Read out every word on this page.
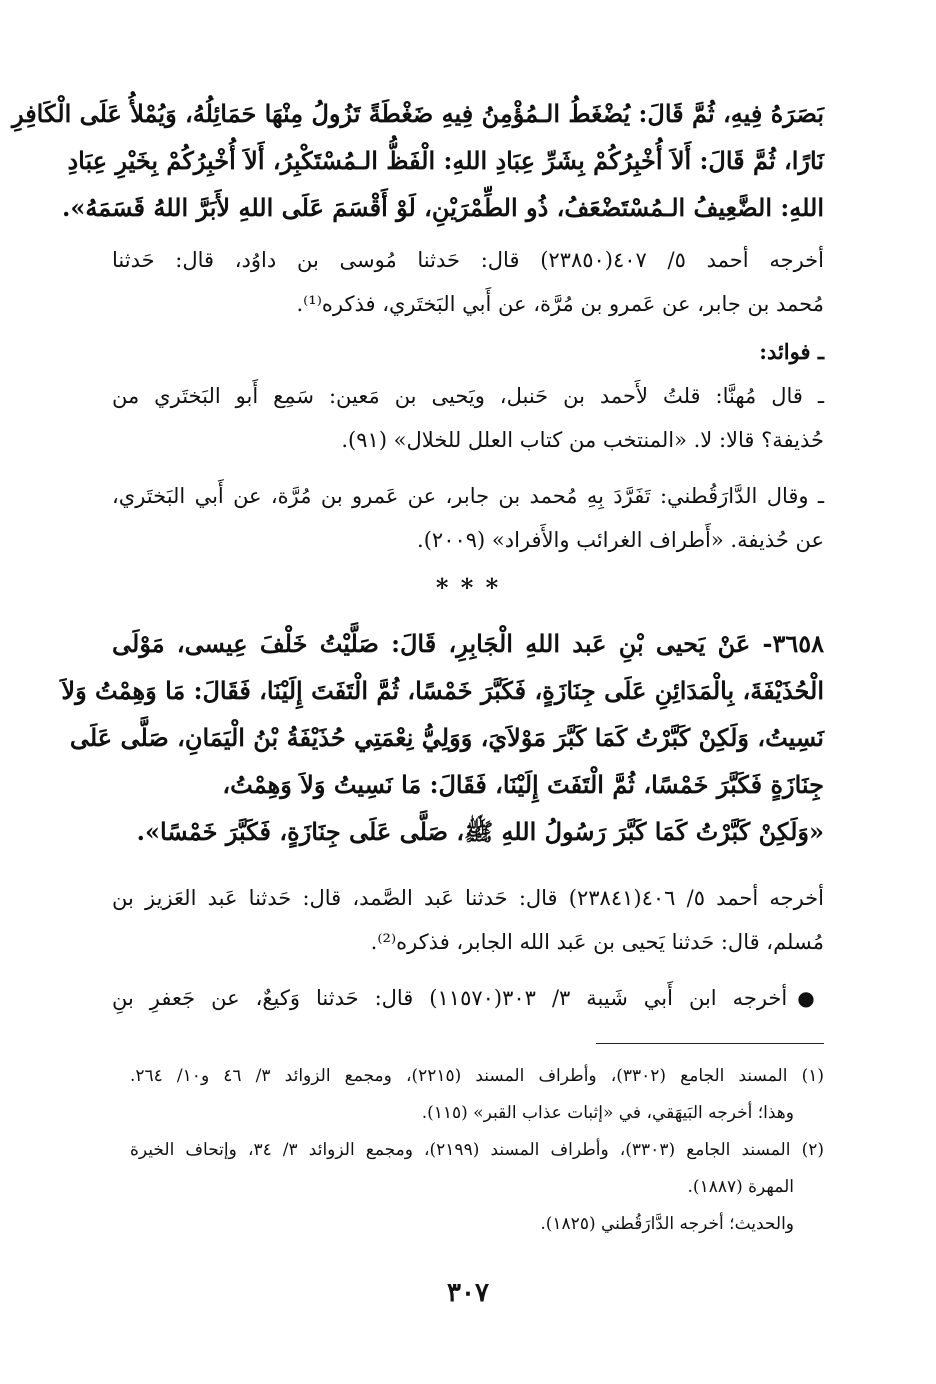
بَصَرَهُ فِيهِ، ثُمَّ قَالَ: يُضْغَطُ الـمُؤْمِنُ فِيهِ ضَغْطَةً تَزُولُ مِنْهَا حَمَائِلُهُ، وَيُمْلأُ عَلَى الْكَافِرِ
نَارًا، ثُمَّ قَالَ: أَلاَ أُخْبِرُكُمْ بِشَرِّ عِبَادِ اللهِ: الْفَظُّ الـمُسْتَكْبِرُ، أَلاَ أُخْبِرُكُمْ بِخَيْرِ عِبَادِ
اللهِ: الضَّعِيفُ الـمُسْتَضْعَفُ، ذُو الطِّمْرَيْنِ، لَوْ أَقْسَمَ عَلَى اللهِ لأَبَرَّ اللهُ قَسَمَهُ».
أخرجه أحمد ٥/ ٤٠٧(٢٣٨٥٠) قال: حَدثنا مُوسى بن داوُد، قال: حَدثنا
مُحمد بن جابر، عن عَمرو بن مُرَّة، عن أَبي البَختَري، فذكره⁽¹⁾.
ـ فوائد:
ـ قال مُهنَّا: قلتُ لأَحمد بن حَنبل، ويَحيى بن مَعين: سَمِع أَبو البَختَري من
حُذيفة؟ قالا: لا. «المنتخب من كتاب العلل للخلال» (٩١).
ـ وقال الدَّارَقُطني: تَفَرَّدَ بِهِ مُحمد بن جابر، عن عَمرو بن مُرَّة، عن أَبي البَختَري،
عن حُذيفة. «أَطراف الغرائب والأَفراد» (٢٠٠٩).
* * *
٣٦٥٨- عَنْ يَحيى بْنِ عَبد اللهِ الْجَابِرِ، قَالَ: صَلَّيْتُ خَلْفَ عِيسى، مَوْلَى
الْحُذَيْفَةَ، بِالْمَدَائِنِ عَلَى جِنَازَةٍ، فَكَبَّرَ خَمْسًا، ثُمَّ الْتَفَتَ إِلَيْنَا، فَقَالَ: مَا وَهِمْتُ وَلاَ
نَسِيتُ، وَلَكِنْ كَبَّرْتُ كَمَا كَبَّرَ مَوْلاَيَ، وَوَلِيُّ نِعْمَتِي حُذَيْفَةُ بْنُ الْيَمَانِ، صَلَّى عَلَى
جِنَازَةٍ فَكَبَّرَ خَمْسًا، ثُمَّ الْتَفَتَ إِلَيْنَا، فَقَالَ: مَا نَسِيتُ وَلاَ وَهِمْتُ،
«وَلَكِنْ كَبَّرْتُ كَمَا كَبَّرَ رَسُولُ اللهِ ﷺ، صَلَّى عَلَى جِنَازَةٍ، فَكَبَّرَ خَمْسًا».
أخرجه أحمد ٥/ ٤٠٦(٢٣٨٤١) قال: حَدثنا عَبد الصَّمد، قال: حَدثنا عَبد العَزيز بن
مُسلم، قال: حَدثنا يَحيى بن عَبد الله الجابر، فذكره⁽²⁾.
●أخرجه ابن أَبي شَيبة ٣/ ٣٠٣(١١٥٧٠) قال: حَدثنا وَكيعٌ، عن جَعفرِ بنِ
(١) المسند الجامع (٣٣٠٢)، وأطراف المسند (٢٢١٥)، ومجمع الزوائد ٣/ ٤٦ و١٠/ ٢٦٤.
وهذا؛ أخرجه البَيهَقي، في «إثبات عذاب القبر» (١١٥).
(٢) المسند الجامع (٣٣٠٣)، وأطراف المسند (٢١٩٩)، ومجمع الزوائد ٣/ ٣٤، وإتحاف الخيرة
المهرة (١٨٨٧).
والحديث؛ أخرجه الدَّارَقُطني (١٨٢٥).
٣٠٧
